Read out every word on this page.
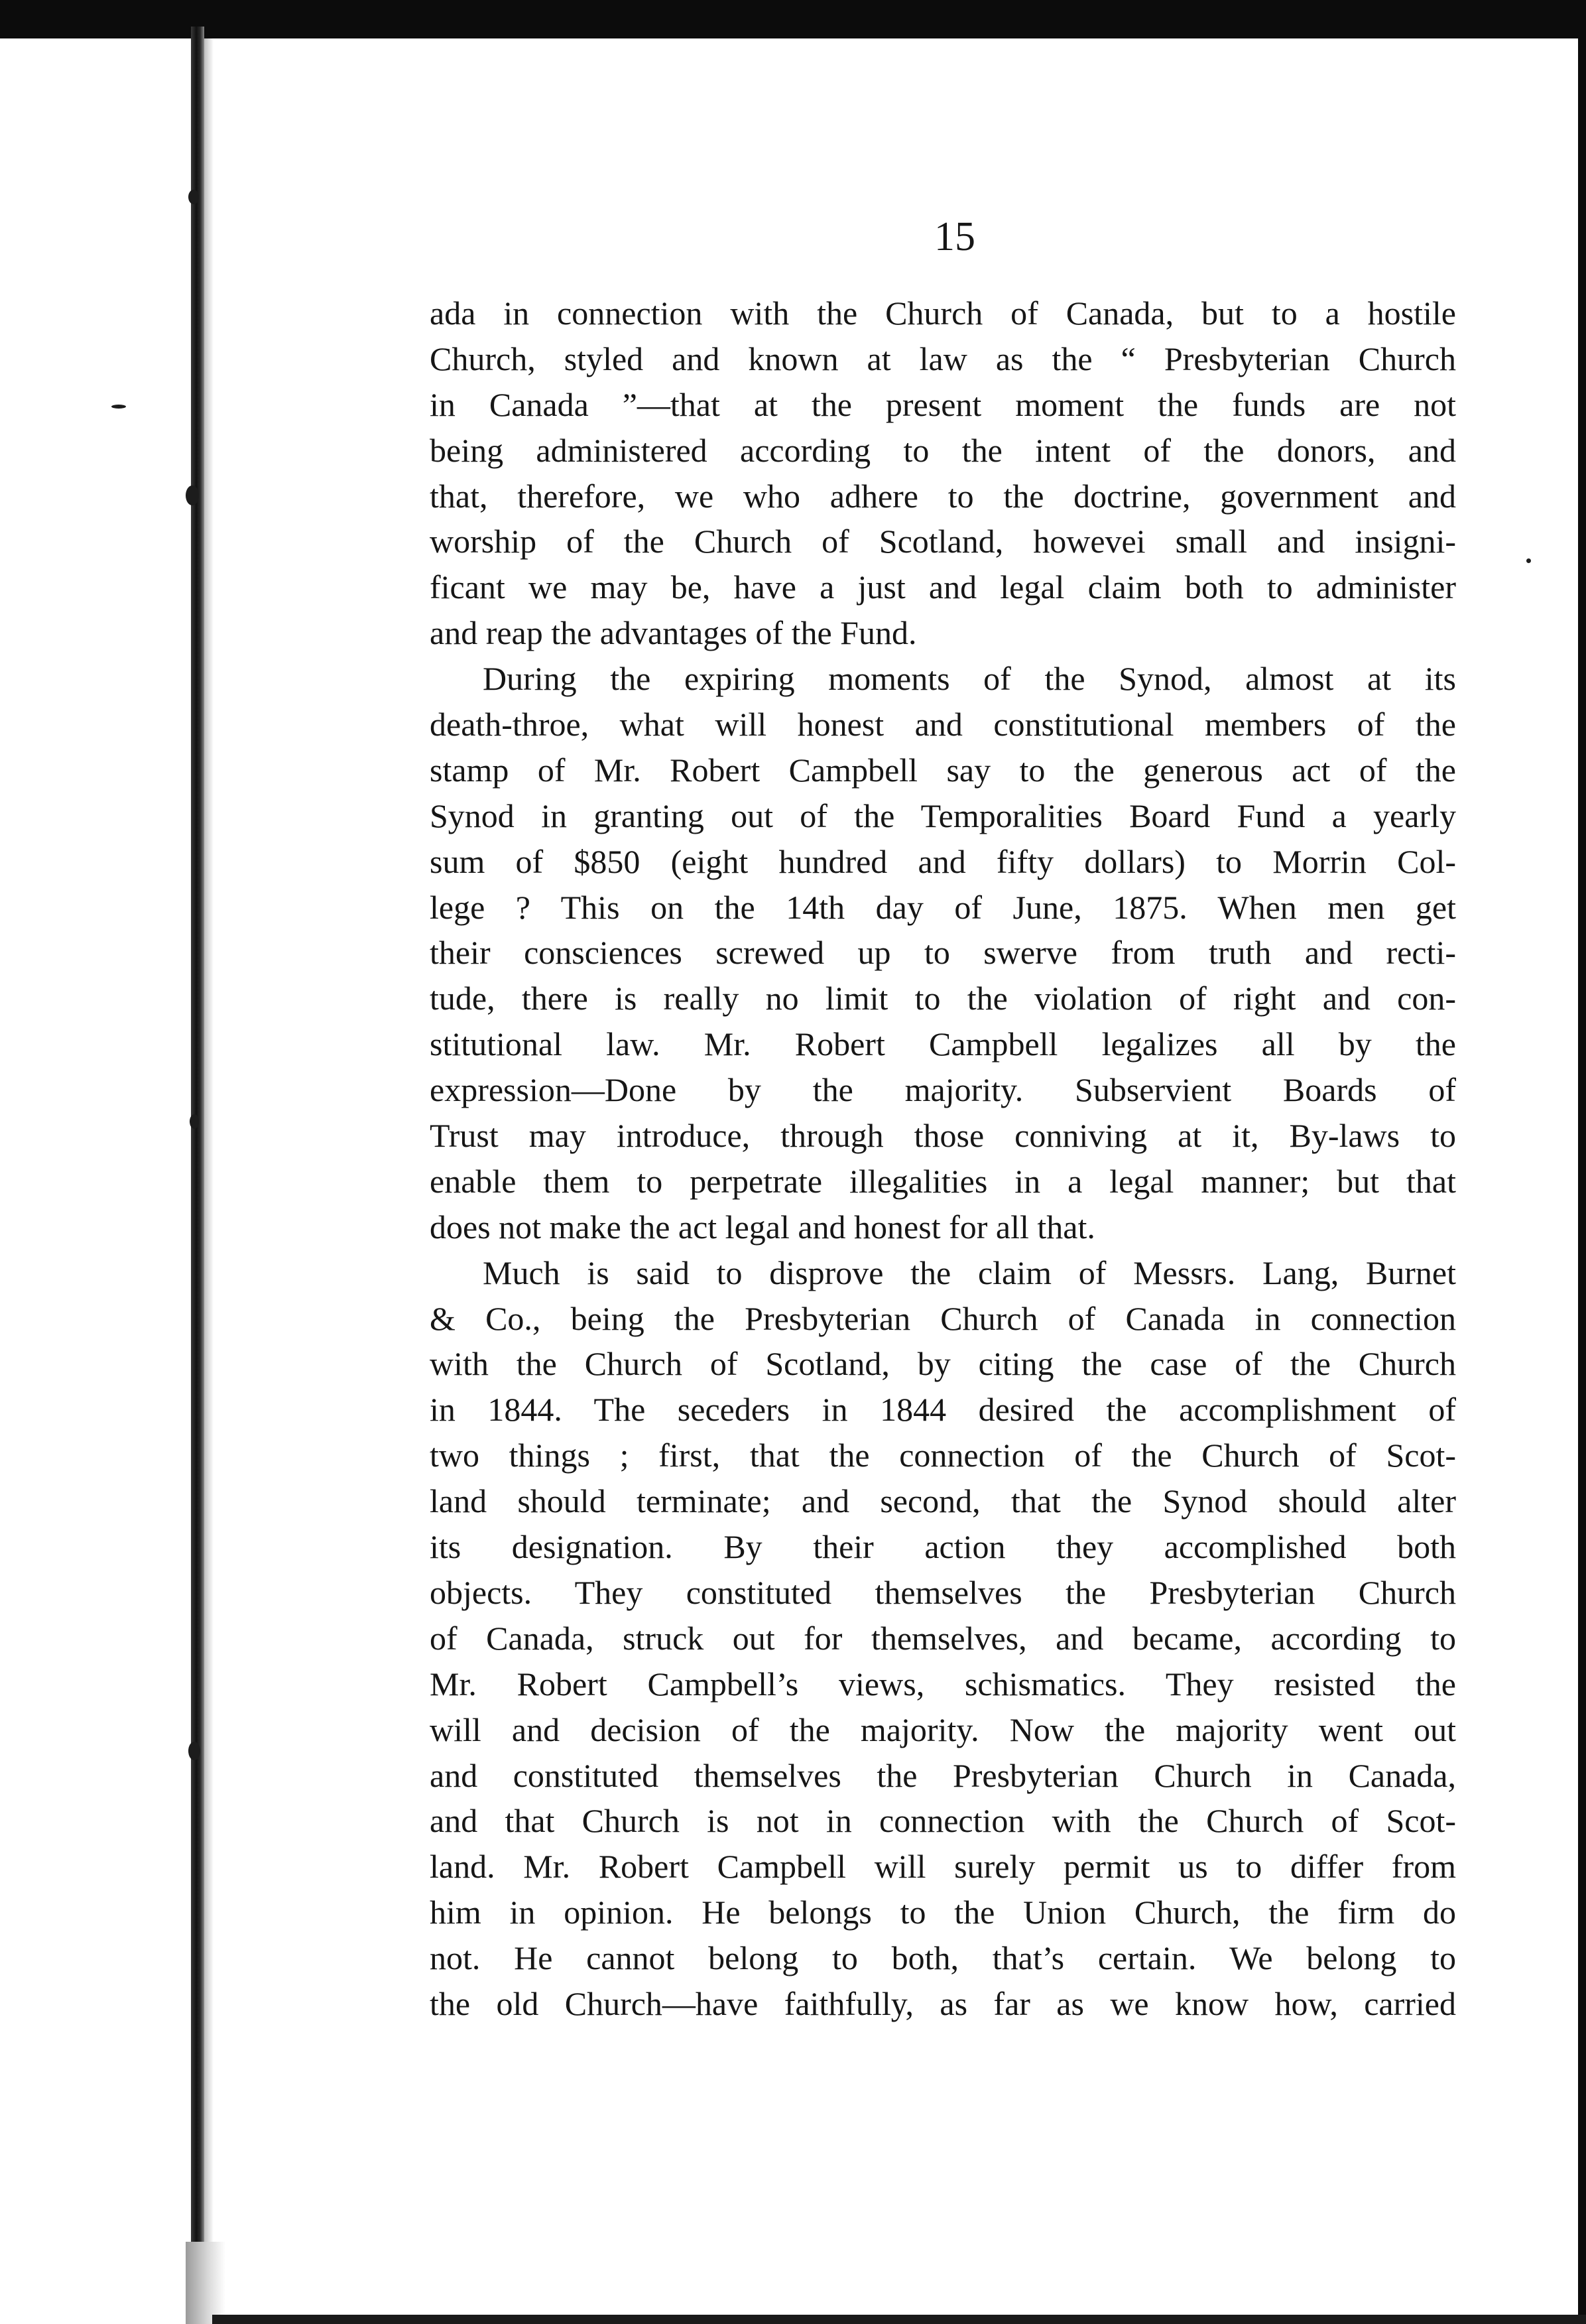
15
ada in connection with the Church of Canada, but to a hostile
Church, styled and known at law as the “ Presbyterian Church
in Canada ”—that at the present moment the funds are not
being administered according to the intent of the donors, and
that, therefore, we who adhere to the doctrine, government and
worship of the Church of Scotland, howevei small and insigni-
ficant we may be, have a just and legal claim both to administer
and reap the advantages of the Fund.
During the expiring moments of the Synod, almost at its
death-throe, what will honest and constitutional members of the
stamp of Mr. Robert Campbell say to the generous act of the
Synod in granting out of the Temporalities Board Fund a yearly
sum of $850 (eight hundred and fifty dollars) to Morrin Col-
lege ? This on the 14th day of June, 1875. When men get
their consciences screwed up to swerve from truth and recti-
tude, there is really no limit to the violation of right and con-
stitutional law. Mr. Robert Campbell legalizes all by the
expression—Done by the majority. Subservient Boards of
Trust may introduce, through those conniving at it, By-laws to
enable them to perpetrate illegalities in a legal manner; but that
does not make the act legal and honest for all that.
Much is said to disprove the claim of Messrs. Lang, Burnet
& Co., being the Presbyterian Church of Canada in connection
with the Church of Scotland, by citing the case of the Church
in 1844. The seceders in 1844 desired the accomplishment of
two things ; first, that the connection of the Church of Scot-
land should terminate; and second, that the Synod should alter
its designation. By their action they accomplished both
objects. They constituted themselves the Presbyterian Church
of Canada, struck out for themselves, and became, according to
Mr. Robert Campbell’s views, schismatics. They resisted the
will and decision of the majority. Now the majority went out
and constituted themselves the Presbyterian Church in Canada,
and that Church is not in connection with the Church of Scot-
land. Mr. Robert Campbell will surely permit us to differ from
him in opinion. He belongs to the Union Church, the firm do
not. He cannot belong to both, that’s certain. We belong to
the old Church—have faithfully, as far as we know how, carried
